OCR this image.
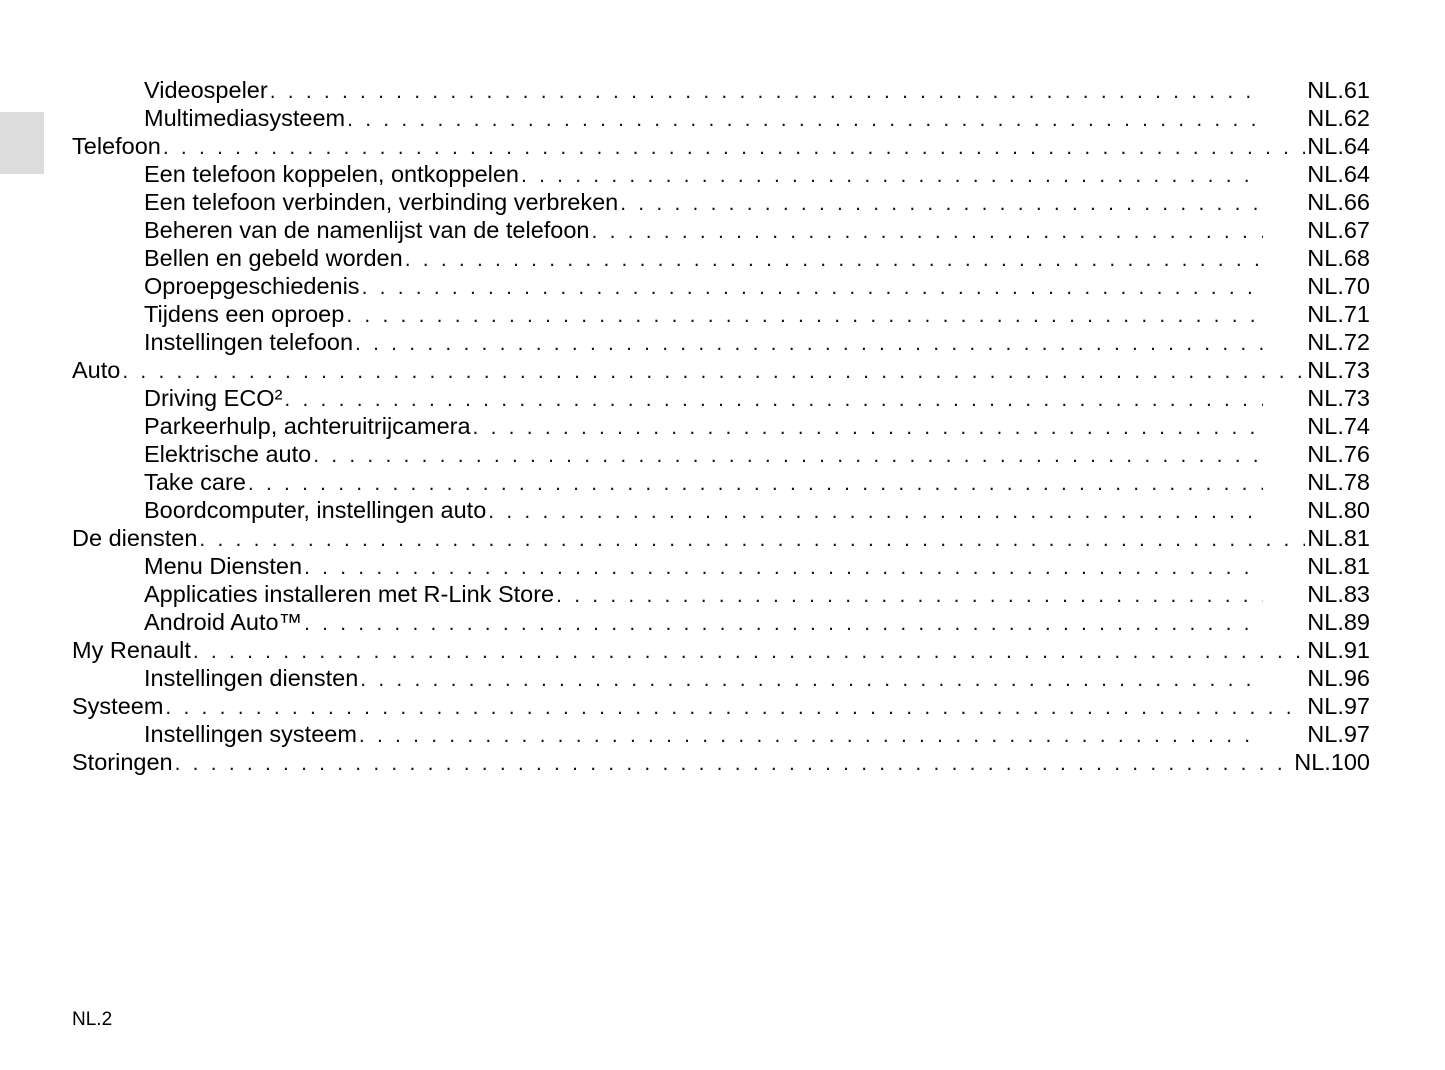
Videospeler . . .	NL.61
Multimediasysteem . . .	NL.62
Telefoon . . .	NL.64
Een telefoon koppelen, ontkoppelen . . .	NL.64
Een telefoon verbinden, verbinding verbreken . . .	NL.66
Beheren van de namenlijst van de telefoon . . .	NL.67
Bellen en gebeld worden . . .	NL.68
Oproepgeschiedenis . . .	NL.70
Tijdens een oproep . . .	NL.71
Instellingen telefoon . . .	NL.72
Auto . . .	NL.73
Driving ECO² . . .	NL.73
Parkeerhulp, achteruitrijcamera . . .	NL.74
Elektrische auto . . .	NL.76
Take care . . .	NL.78
Boordcomputer, instellingen auto . . .	NL.80
De diensten . . .	NL.81
Menu Diensten . . .	NL.81
Applicaties installeren met R-Link Store . . .	NL.83
Android Auto™ . . .	NL.89
My Renault . . .	NL.91
Instellingen diensten . . .	NL.96
Systeem . . .	NL.97
Instellingen systeem . . .	NL.97
Storingen . . .	NL.100
NL.2
